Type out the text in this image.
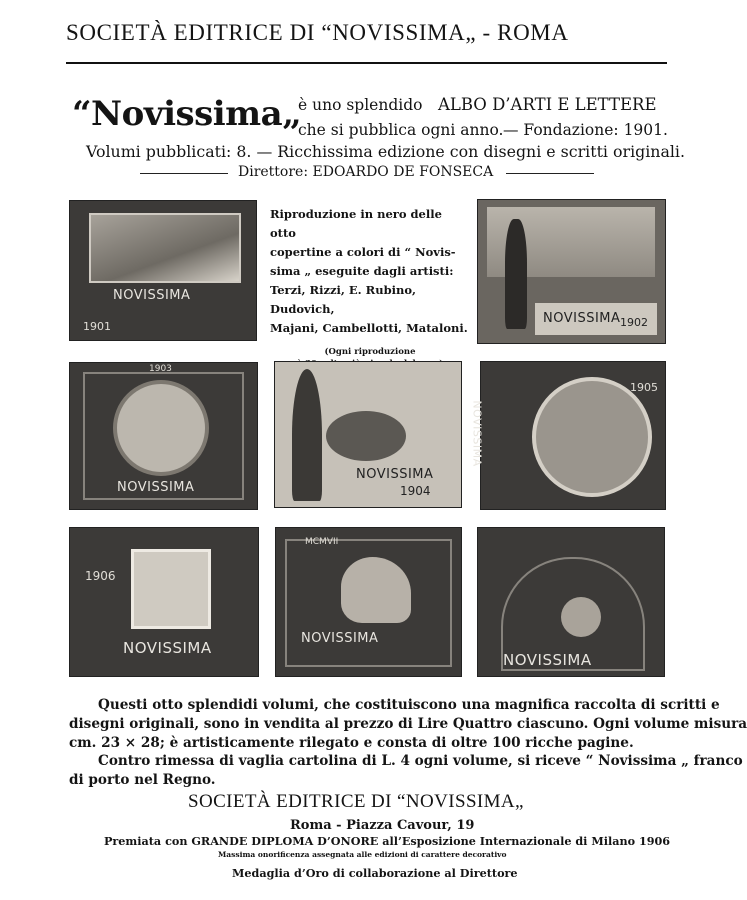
SOCIETÀ EDITRICE DI “NOVISSIMA„ - ROMA
“Novissima„
è uno splendido ALBO D’ARTI E LETTERE
che si pubblica ogni anno. — Fondazione: 1901.
Volumi pubblicati: 8. — Ricchissima edizione con disegni e scritti originali.
Direttore: EDOARDO DE FONSECA
NOVISSIMA
1901
Riproduzione in nero delle otto
copertine a colori di “ Novis-
sima „ eseguite dagli artisti:
Terzi, Rizzi, E. Rubino, Dudovich,
Majani, Cambellotti, Mataloni.
(Ogni riproduzione
NOVISSIMA 1902
NOVISSIMA
1903
NOVISSIMA
1904
NOVISSIMA
1905
1906
NOVISSIMA
MCMVII
NOVISSIMA
NOVISSIMA
Questi otto splendidi volumi, che costituiscono una magnifica raccolta di scritti e
disegni originali, sono in vendita al prezzo di Lire Quattro ciascuno. Ogni volume misura
cm. 23 × 28; è artisticamente rilegato e consta di oltre 100 ricche pagine.
Contro rimessa di vaglia cartolina di L. 4 ogni volume, si riceve “ Novissima „ franco
di porto nel Regno.
SOCIETÀ EDITRICE DI “NOVISSIMA„
Roma - Piazza Cavour, 19
Premiata con GRANDE DIPLOMA D’ONORE all’Esposizione Internazionale di Milano 1906
Massima onorificenza assegnata alle edizioni di carattere decorativo
Medaglia d’Oro di collaborazione al Direttore
